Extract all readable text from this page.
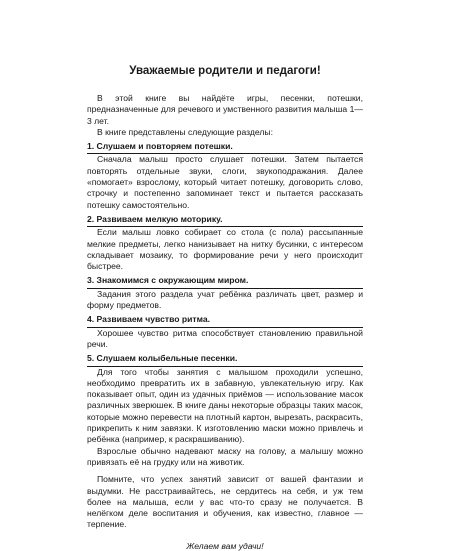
Уважаемые родители и педагоги!

В этой книге вы найдёте игры, песенки, потешки, предназначенные для речевого и умственного развития малыша 1—3 лет.

В книге представлены следующие разделы:

1. Слушаем и повторяем потешки.

Сначала малыш просто слушает потешки. Затем пытается повторять отдельные звуки, слоги, звукоподражания. Далее «помогает» взрослому, который читает потешку, договорить слово, строчку и постепенно запоминает текст и пытается рассказать потешку самостоятельно.

2. Развиваем мелкую моторику.

Если малыш ловко собирает со стола (с пола) рассыпанные мелкие предметы, легко нанизывает на нитку бусинки, с интересом складывает мозаику, то формирование речи у него происходит быстрее.

3. Знакомимся с окружающим миром.

Задания этого раздела учат ребёнка различать цвет, размер и форму предметов.

4. Развиваем чувство ритма.

Хорошее чувство ритма способствует становлению правильной речи.

5. Слушаем колыбельные песенки.

Для того чтобы занятия с малышом проходили успешно, необходимо превратить их в забавную, увлекательную игру. Как показывает опыт, один из удачных приёмов — использование масок различных зверюшек. В книге даны некоторые образцы таких масок, которые можно перевести на плотный картон, вырезать, раскрасить, прикрепить к ним завязки. К изготовлению маски можно привлечь и ребёнка (например, к раскрашиванию).

Взрослые обычно надевают маску на голову, а малышу можно привязать её на грудку или на животик.

Помните, что успех занятий зависит от вашей фантазии и выдумки. Не расстраивайтесь, не сердитесь на себя, и уж тем более на малыша, если у вас что-то сразу не получается. В нелёгком деле воспитания и обучения, как известно, главное — терпение.

Желаем вам удачи!
